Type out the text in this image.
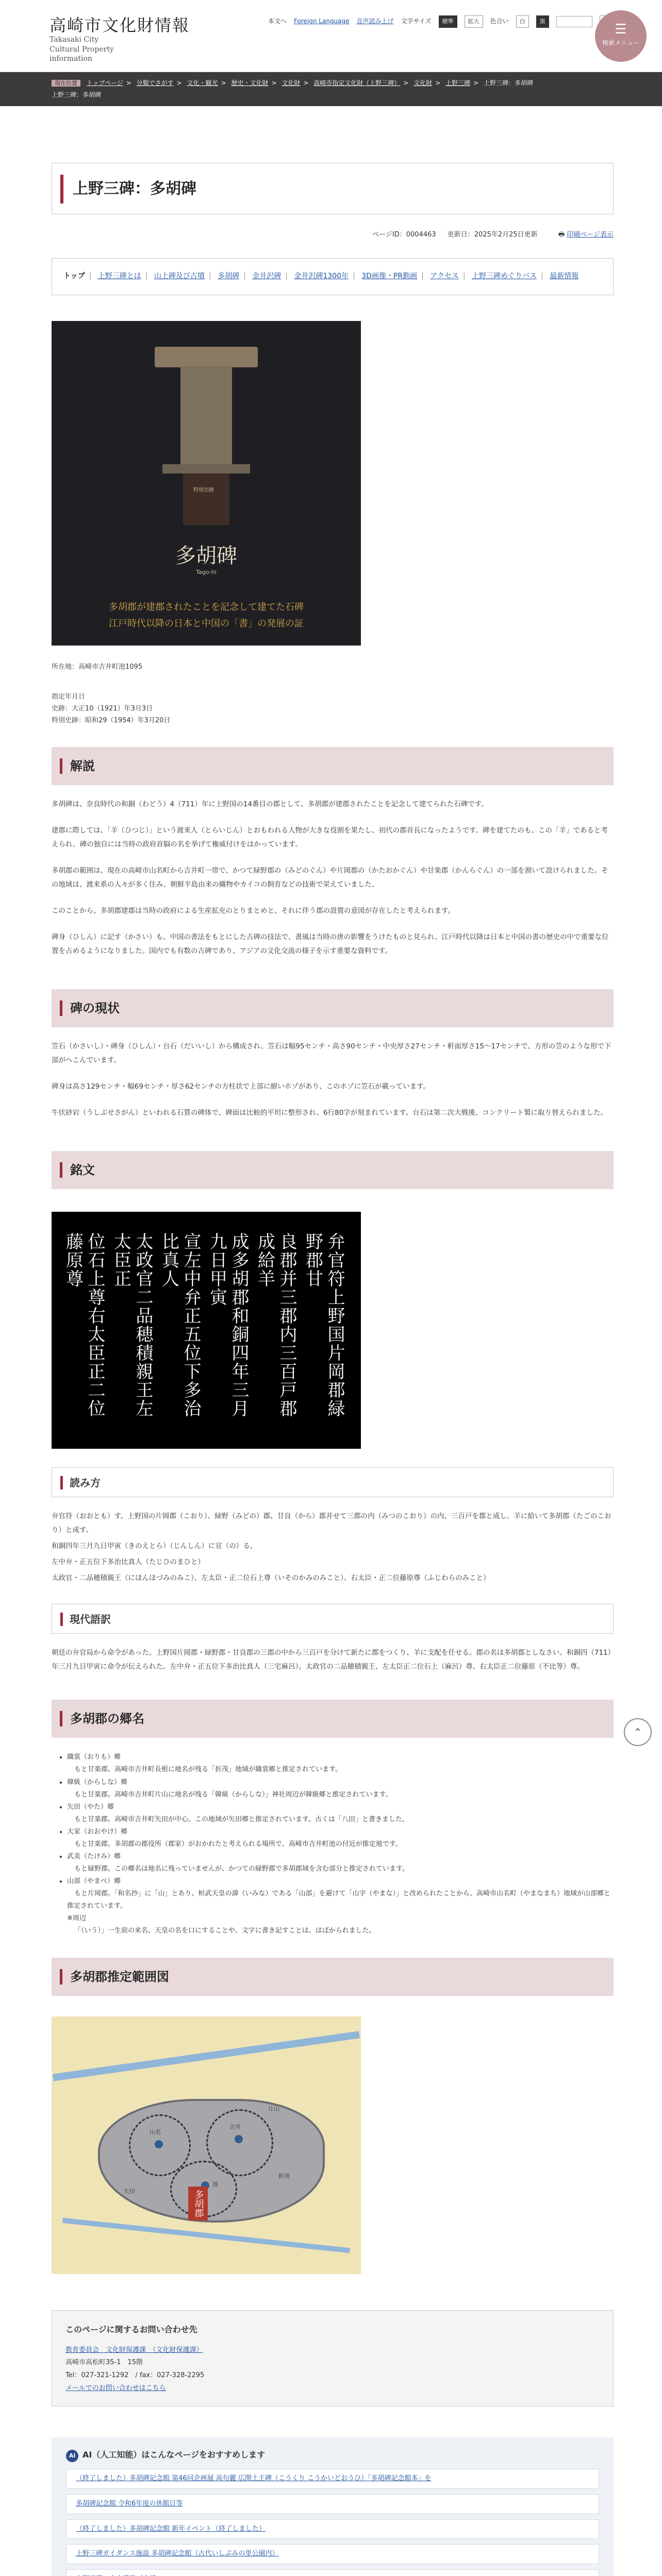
高崎市文化財情報
Takasaki City
Cultural Property
information
本文へ Foreign Language 音声読み上げ 文字サイズ	標準	拡大	色合い	白	黒
☰
検索メニュー
現在位置 トップページ > 分類でさがす > 文化・観光 > 歴史・文化財 > 文化財 > 高崎市指定文化財（上野三碑） > 文化財 > 上野三碑 > 上野三碑：多胡碑
上野三碑：多胡碑
上野三碑：多胡碑
ページID：0004463 更新日：2025年2月25日更新	🖶 印刷ページ表示
トップ | 上野三碑とは | 山上碑及び古墳 | 多胡碑 | 金井沢碑 | 金井沢碑1300年 | 3D画像・PR動画 | アクセス | 上野三碑めぐりバス | 最新情報
特別史跡
多胡碑
Tago-hi
多胡郡が建郡されたことを記念して建てた石碑
江戸時代以降の日本と中国の「書」の発展の証
所在地：高崎市吉井町池1095
指定年月日
史跡：大正10（1921）年3月3日
特別史跡：昭和29（1954）年3月20日
解説

多胡碑は、奈良時代の和銅（わどう）4（711）年に上野国の14番目の郡として、多胡郡が建郡されたことを記念して建てられた石碑です。

建郡に際しては、「羊（ひつじ）」という渡来人（とらいじん）とおもわれる人物が大きな役割を果たし、初代の郡首長になったようです。碑を建てたのも、この「羊」であると考えられ、碑の独自には当時の政府首脳の名を挙げて権威付けをはかっています。

多胡郡の範囲は、現在の高崎市山名町から吉井町一帯で、かつて緑野郡の（みどのぐん）や片岡郡の（かたおかぐん）や甘楽郡（かんらぐん）の一部を割いて設けられました。その地域は、渡来系の人々が多く住み、朝鮮半島由来の織物やカイコの飼育などの技術で栄えていました。

このことから、多胡郡建郡は当時の政府による生産拡充のとりまとめと、それに伴う郡の設置の意図が存在したと考えられます。

碑身（ひしん）に記す（かさい）も、中国の書法をもとにした古碑の技法で、書風は当時の唐の影響をうけたものと見られ、江戸時代以降は日本と中国の書の歴史の中で重要な位置を占めるようになりました。国内でも有数の古碑であり、アジアの文化交流の様子を示す重要な資料です。

碑の現状

笠石（かさいし）・碑身（ひしん）・台石（だいいし）から構成され、笠石は幅95センチ・高さ90センチ・中央厚さ27センチ・軒面厚さ15〜17センチで、方形の笠のような形で下部がへこんでいます。

碑身は高さ129センチ・幅69センチ・厚さ62センチの方柱状で上部に細いホゾがあり、このホゾに笠石が載っています。

牛伏砂岩（うしぶせさがん）といわれる石質の碑体で、碑面は比較的平坦に整形され、6行80字が刻まれています。台石は第二次大戦後、コンクリート製に取り替えられました。

銘文
弁官符上野国片岡郡緑野郡甘
良郡并三郡内三百戸郡成給羊
成多胡郡和銅四年三月九日甲寅
宣左中弁正五位下多治比真人
太政官二品穂積親王左太臣正
位石上尊右太臣正二位藤原尊
読み方

弁官符（おおとも）す。上野国の片岡郡（こおり）、緑野（みどの）郡、甘良（から）郡并せて三郡の内（みつのこおり）の内、三百戸を郡と成し、羊に給いて多胡郡（たごのこおり）と成す。

和銅四年三月九日甲寅（きのえとら）（じんしん）に宣（の）る。

左中弁・正五位下多治比真人（たじひのまひと）

太政官・二品穂積親王（にほんほづみのみこ）、左太臣・正二位石上尊（いそのかみのみこと）、右太臣・正二位藤原尊（ふじわらのみこと）

現代語訳

朝廷の弁官局から命令があった。上野国片岡郡・緑野郡・甘良郡の三郡の中から三百戸を分けて新たに郡をつくり、羊に支配を任せる。郡の名は多胡郡としなさい。和銅四（711）年三月九日甲寅に命令が伝えられた。左中弁・正五位下多治比真人（三宅麻呂）。太政官の二品穂積親王、左太臣正二位石上（麻呂）尊、右太臣正二位藤原（不比等）尊。

多胡郡の郷名
• 織裳（おりも）郷
もと甘楽郡。高崎市吉井町長根に地名が残る「折茂」地域が織裳郷と推定されています。
• 韓級（からしな）郷
もと甘楽郡。高崎市吉井町片山に地名が残る「韓級（からしな）」神社周辺が韓級郷と推定されています。
• 矢田（やた）郷
もと甘楽郡。高崎市吉井町矢田が中心。この地域が矢田郷と推定されています。古くは「八田」と書きました。
• 大家（おおやけ）郷
もと甘楽郡。多胡郡の郡役所（郡家）がおかれたと考えられる場所で、高崎市吉井町池の付近が推定地です。
• 武美（たけみ）郷
もと緑野郡。この郷名は地名に残っていませんが、かつての緑野郡で多胡郡域を含む部分と推定されています。
• 山部（やまべ）郷
もと片岡郡。「和名抄」に「山」とあり、桓武天皇の諱（いみな）である「山部」を避けて「山字（やまな）」と改められたことから、高崎市山名町（やまなまち）地域が山部郷と推定されています。
※周辺
「（いう）」一生前の来名、天皇の名を口にすることや、文字に書き記すことは、はばかられました。
多胡郡推定範囲図
多胡郡
山名
吉井
池
矢田
折茂
片山
このページに関するお問い合わせ先
教育委員会　文化財保護課　（文化財保護課）
高崎市高松町35-1　15階
Tel：027-321-1292　/ fax：027-328-2295
メールでのお問い合わせはこちら
AI AI（人工知能）はこんなページをおすすめします
（終了しました）多胡碑記念館 第46回企画展 高句麗 広開土王碑（こうくり こうかいどおうひ）「多胡碑記念館本」を
多胡碑記念館 令和6年度の休館日等
（終了しました）多胡碑記念館 新年イベント（終了しました）
上野三碑ガイダンス施設 多胡碑記念館（古代いしぶみの里公園内）

⌃
